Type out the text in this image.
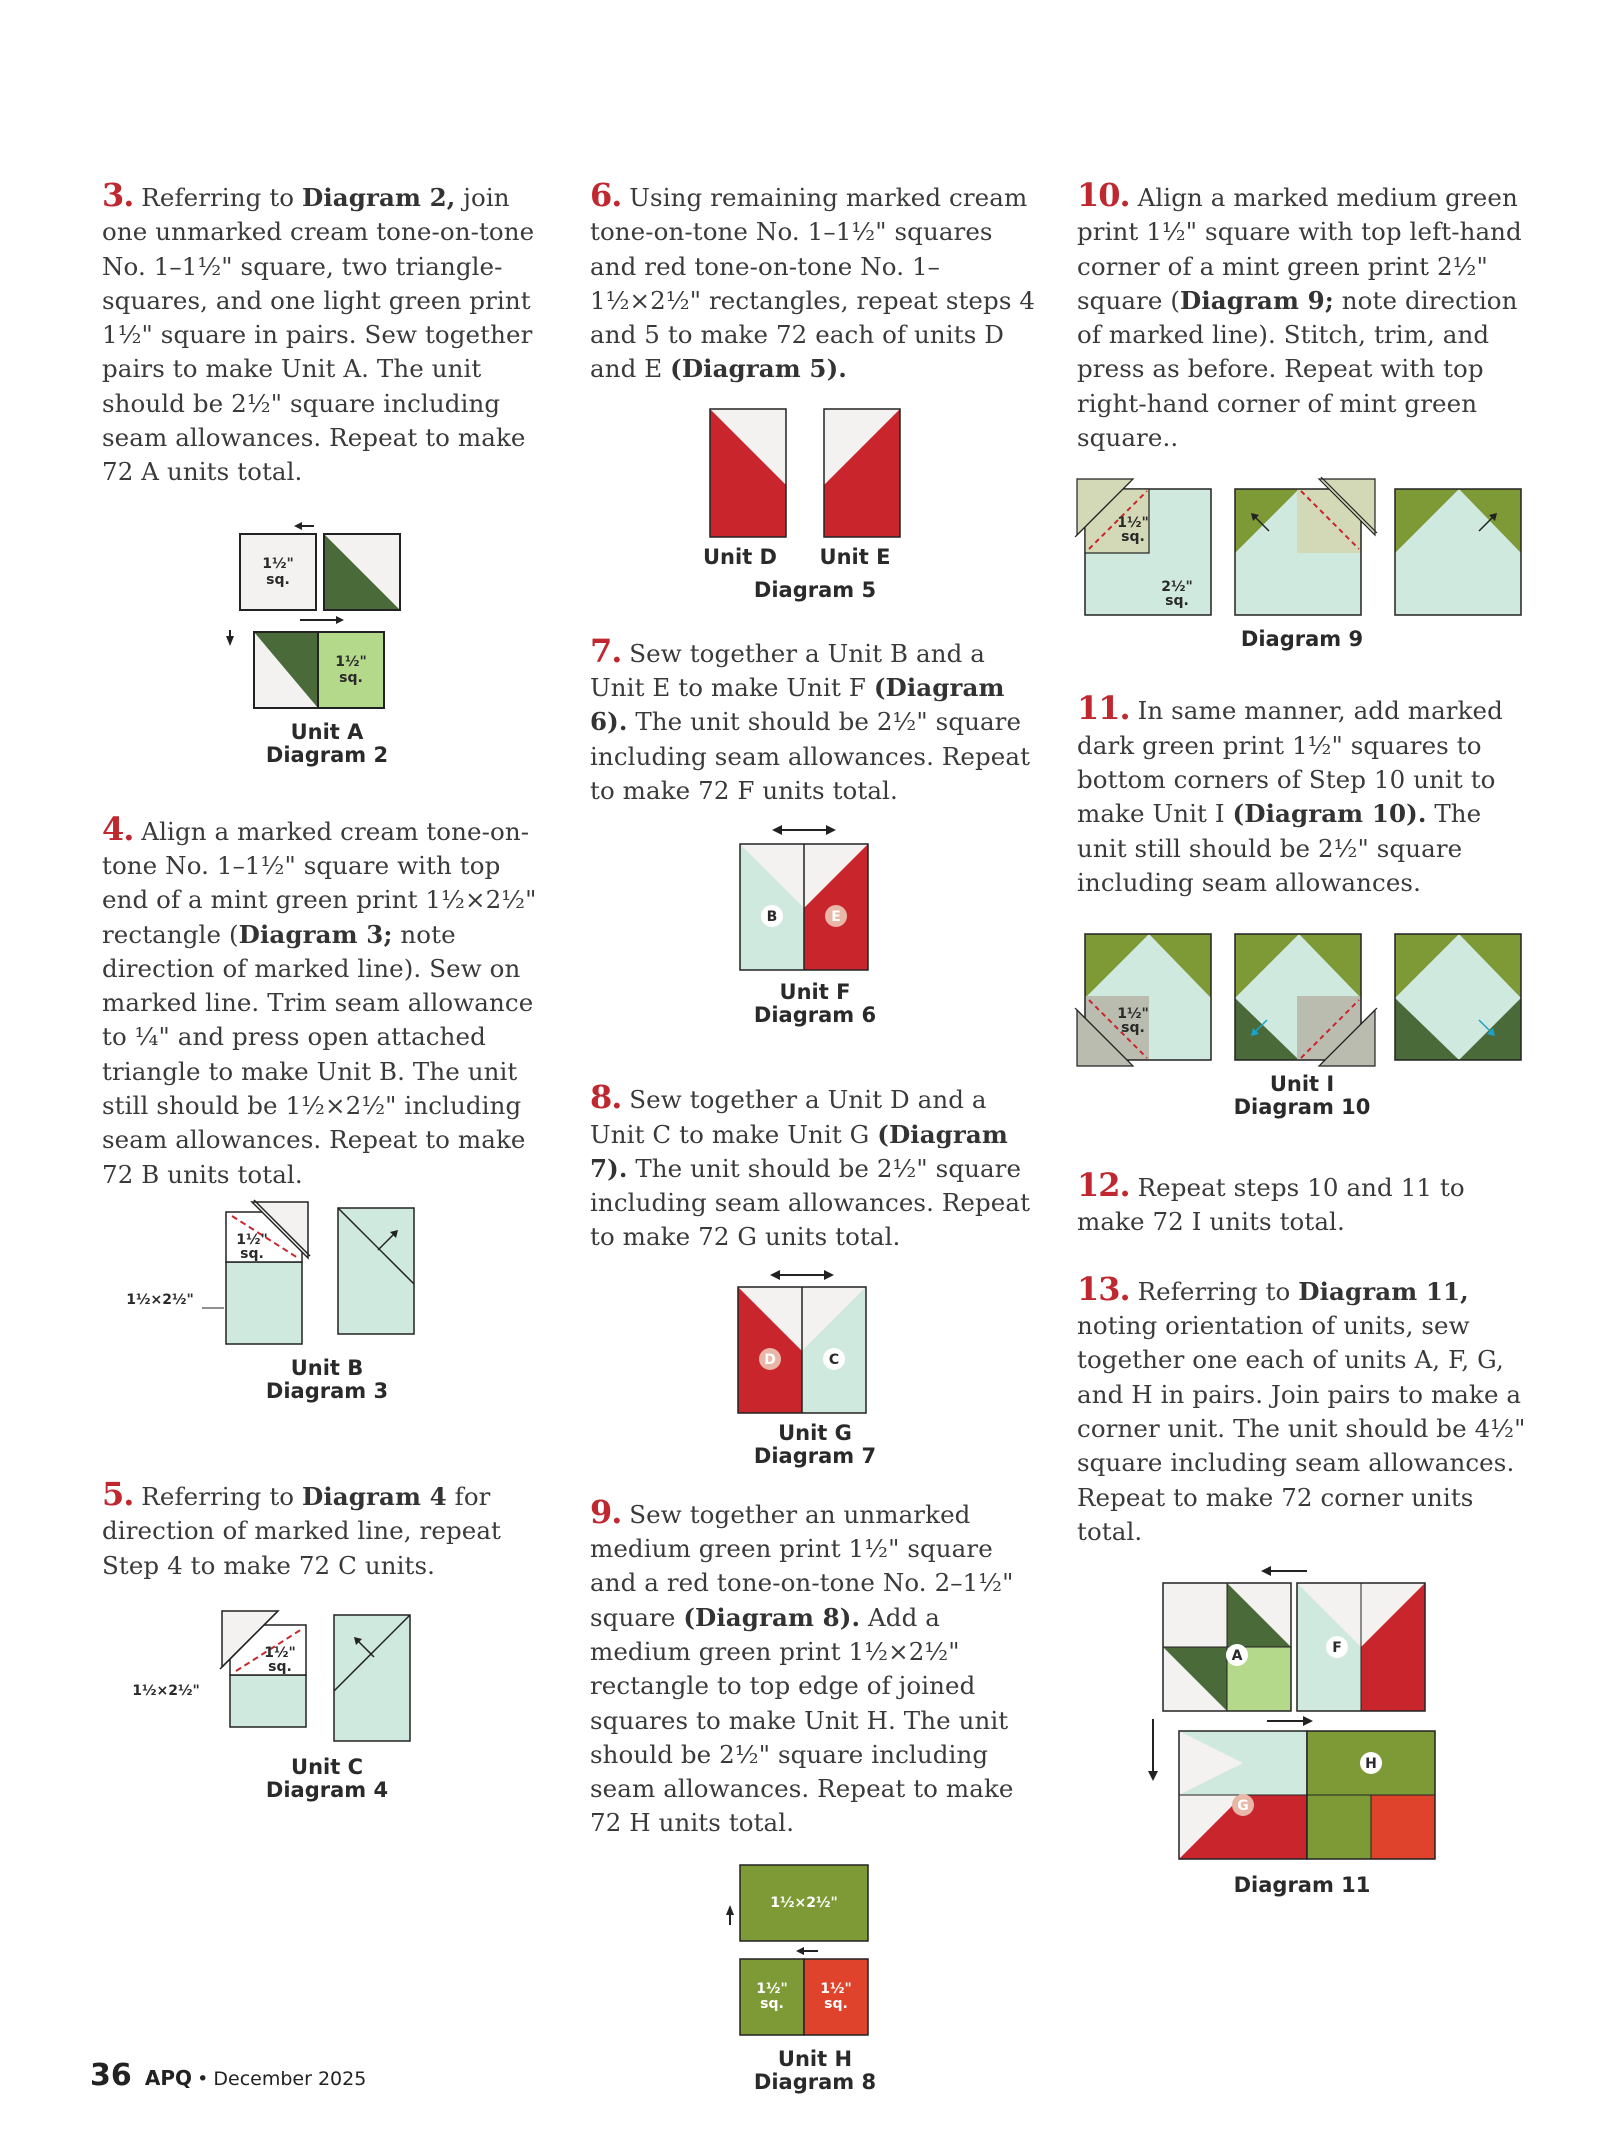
3. Referring to Diagram 2, join one unmarked cream tone-on-tone No. 1–1½" square, two triangle-squares, and one light green print 1½" square in pairs. Sew together pairs to make Unit A. The unit should be 2½" square including seam allowances. Repeat to make 72 A units total.

1½"
sq.
1½"
sq.
Unit A
Diagram 2

4. Align a marked cream tone-on-tone No. 1–1½" square with top end of a mint green print 1½×2½" rectangle (Diagram 3; note direction of marked line). Sew on marked line. Trim seam allowance to ¼" and press open attached triangle to make Unit B. The unit still should be 1½×2½" including seam allowances. Repeat to make 72 B units total.

1½"
sq.
1½×2½"
Unit B
Diagram 3

5. Referring to Diagram 4 for direction of marked line, repeat Step 4 to make 72 C units.

1½"
sq.
1½×2½"
Unit C
Diagram 4

6. Using remaining marked cream tone-on-tone No. 1–1½" squares and red tone-on-tone No. 1–1½×2½" rectangles, repeat steps 4 and 5 to make 72 each of units D and E (Diagram 5).

Unit D	Unit E
Diagram 5

7. Sew together a Unit B and a Unit E to make Unit F (Diagram 6). The unit should be 2½" square including seam allowances. Repeat to make 72 F units total.

B	E
Unit F
Diagram 6

8. Sew together a Unit D and a Unit C to make Unit G (Diagram 7). The unit should be 2½" square including seam allowances. Repeat to make 72 G units total.

D	C
Unit G
Diagram 7

9. Sew together an unmarked medium green print 1½" square and a red tone-on-tone No. 2–1½" square (Diagram 8). Add a medium green print 1½×2½" rectangle to top edge of joined squares to make Unit H. The unit should be 2½" square including seam allowances. Repeat to make 72 H units total.

1½×2½"
1½"
sq.
1½"
sq.
Unit H
Diagram 8

10. Align a marked medium green print 1½" square with top left-hand corner of a mint green print 2½" square (Diagram 9; note direction of marked line). Stitch, trim, and press as before. Repeat with top right-hand corner of mint green square..

1½"
sq.
2½"
sq.
Diagram 9

11. In same manner, add marked dark green print 1½" squares to bottom corners of Step 10 unit to make Unit I (Diagram 10). The unit still should be 2½" square including seam allowances.

1½"
sq.
Unit I
Diagram 10

12. Repeat steps 10 and 11 to make 72 I units total.

13. Referring to Diagram 11, noting orientation of units, sew together one each of units A, F, G, and H in pairs. Join pairs to make a corner unit. The unit should be 4½" square including seam allowances. Repeat to make 72 corner units total.

A	F
G
H
Diagram 11
36 APQ • December 2025
